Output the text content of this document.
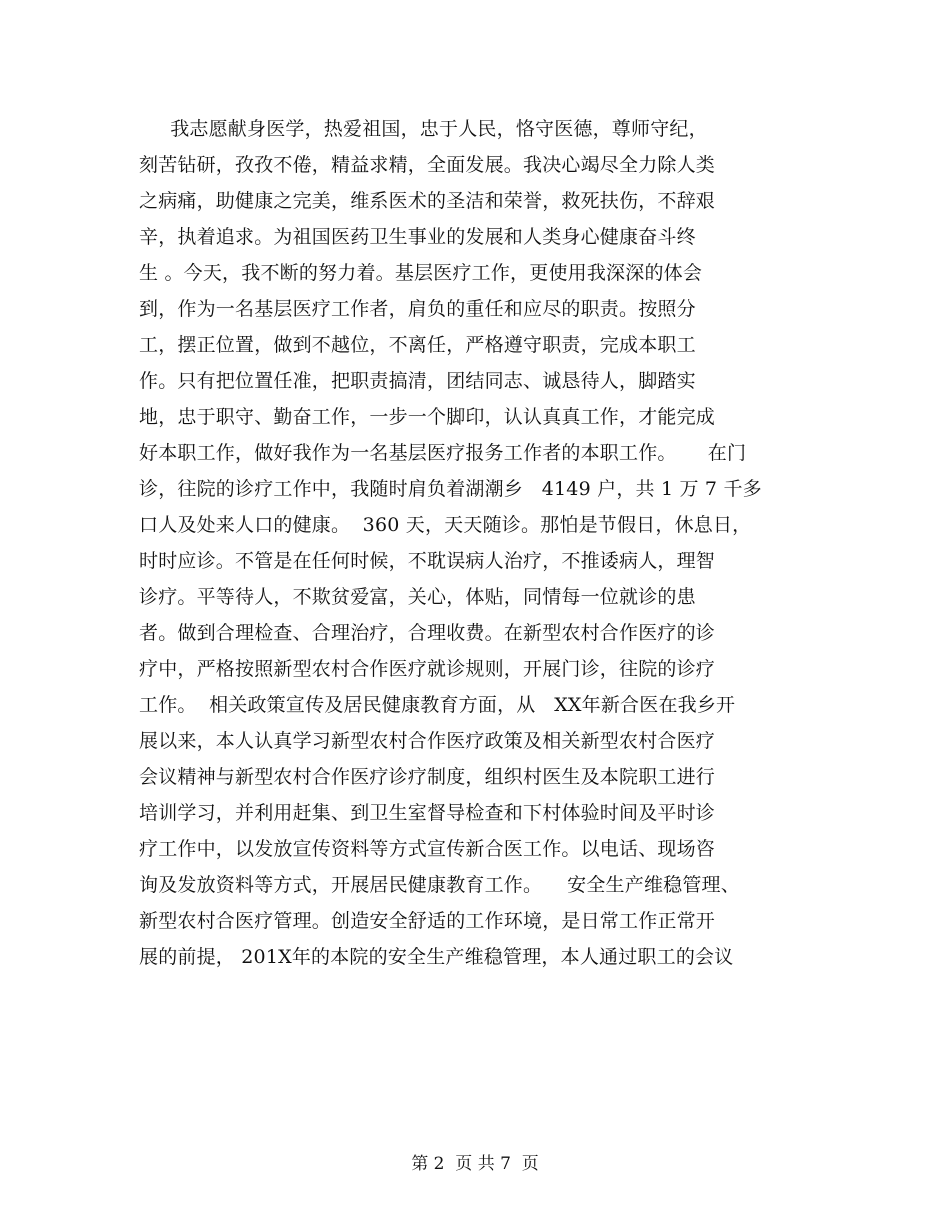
我志愿献身医学，热爱祖国，忠于人民，恪守医德，尊师守纪，
刻苦钻研，孜孜不倦，精益求精，全面发展。我决心竭尽全力除人类
之病痛，助健康之完美，维系医术的圣洁和荣誉，救死扶伤，不辞艰
辛，执着追求。为祖国医药卫生事业的发展和人类身心健康奋斗终
生 。今天，我不断的努力着。基层医疗工作，更使用我深深的体会
到，作为一名基层医疗工作者，肩负的重任和应尽的职责。按照分
工，摆正位置，做到不越位，不离任，严格遵守职责，完成本职工
作。只有把位置任准，把职责搞清，团结同志、诚恳待人，脚踏实
地，忠于职守、勤奋工作，一步一个脚印，认认真真工作，才能完成
好本职工作，做好我作为一名基层医疗报务工作者的本职工作。     在门
诊，往院的诊疗工作中，我随时肩负着湖潮乡   4149 户，共 1 万 7 千多
口人及处来人口的健康。  360 天，天天随诊。那怕是节假日，休息日，
时时应诊。不管是在任何时候，不耽误病人治疗，不推诿病人，理智
诊疗。平等待人，不欺贫爱富，关心，体贴，同情每一位就诊的患
者。做到合理检查、合理治疗，合理收费。在新型农村合作医疗的诊
疗中，严格按照新型农村合作医疗就诊规则，开展门诊，往院的诊疗
工作。  相关政策宣传及居民健康教育方面，从   XX年新合医在我乡开
展以来，本人认真学习新型农村合作医疗政策及相关新型农村合医疗
会议精神与新型农村合作医疗诊疗制度，组织村医生及本院职工进行
培训学习，并利用赶集、到卫生室督导检查和下村体验时间及平时诊
疗工作中，以发放宣传资料等方式宣传新合医工作。以电话、现场咨
询及发放资料等方式，开展居民健康教育工作。    安全生产维稳管理、
新型农村合医疗管理。创造安全舒适的工作环境，是日常工作正常开
展的前提， 201X年的本院的安全生产维稳管理，本人通过职工的会议
第 2  页 共 7  页
